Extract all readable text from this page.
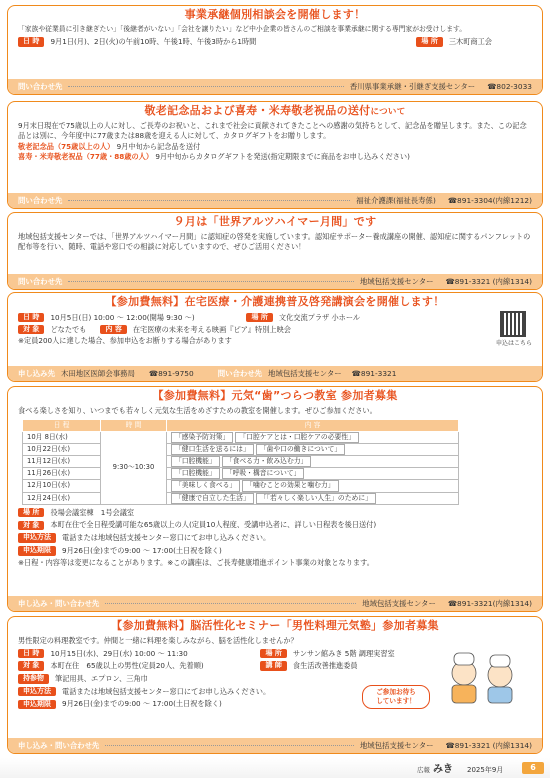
事業承継個別相談会を開催します！
「家族や従業員に引き継ぎたい」「後継者がいない」「会社を譲りたい」など中小企業の皆さんのご相談を事業承継に関する専門家がお受けします。
日 時	9月1日(月)、2日(火)の午前10時、午後1時、午後3時から1時間	場 所	三木町商工会
問い合わせ先	香川県事業承継・引継ぎ支援センター ☎802-3033
敬老記念品および喜寿・米寿敬老祝品の送付について
9月末日現在で75歳以上の人に対し、ご長寿のお祝いと、これまで社会に貢献されてきたことへの感謝の気持ちとして、記念品を贈呈します。また、この記念品とは別に、今年度中に77歳または88歳を迎える人に対して、カタログギフトをお贈りします。
敬老記念品（75歳以上の人） 9月中旬から記念品を送付
喜寿・米寿敬老祝品（77歳・88歳の人） 9月中旬からカタログギフトを発送(指定期限までに商品をお申し込みください)
問い合わせ先	福祉介護課(福祉長寿係) ☎891-3304(内線1212)
９月は「世界アルツハイマー月間」です
地域包括支援センターでは、「世界アルツハイマー月間」に認知症の啓発を実施しています。認知症サポーター養成講座の開催、認知症に関するパンフレットの配布等を行い、随時、電話や窓口での相談に対応していますので、ぜひご活用ください！
問い合わせ先	地域包括支援センター ☎891-3321 (内線1314)
【参加費無料】在宅医療・介護連携普及啓発講演会を開催します！
日 時	10月5日(日) 10:00 ～ 12:00(開場 9:30 ～)	場 所	文化交流プラザ 小ホール
対 象	どなたでも	内 容	在宅医療の未来を考える映画『ピア』特別上映会
※定員200人に達した場合、参加申込をお断りする場合があります	申込はこちら
申し込み先 木田地区医師会事務局 ☎891-9750	問い合わせ先 地域包括支援センター ☎891-3321
【参加費無料】元気“歯”つらつ教室 参加者募集
食べる楽しさを知り、いつまでも若々しく元気な生活をめざすための教室を開催します。ぜひご参加ください。
日 程	時 間	内 容
10月 8日(水)	9:30〜10:30	「感染予防対策」 「口腔ケアとは・口腔ケアの必要性」
10月22日(水)		「健口生活を送るには」 「歯や口の働きについて」
11月12日(水)		「口腔機能」 「食べる力・飲み込む力」
11月26日(水)		「口腔機能」 「呼吸・構音について」
12月10日(水)		「美味しく食べる」 「噛むことの効果と噛む力」
12月24日(水)		「健康で自立した生活」 「「若々しく楽しい人生」のために」
場 所	役場会議室棟　1号会議室
対 象	本町在住で全日程受講可能な65歳以上の人(定員10人程度、受講申込者に、詳しい日程表を後日送付)
申込方法	電話または地域包括支援センター窓口にてお申し込みください。
申込期限	9月26日(金)までの9:00 ～ 17:00(土日祝を除く)
※日程・内容等は変更になることがあります。※この講座は、ご長寿健康増進ポイント事業の対象となります。
申し込み・問い合わせ先	地域包括支援センター ☎891-3321(内線1314)
【参加費無料】脳活性化セミナー「男性料理元気塾」参加者募集
男性限定の料理教室です。仲間と一緒に料理を楽しみながら、脳を活性化しませんか？
日 時	10月15日(水)、29日(水) 10:00 ～ 11:30	場 所	サンサン館みき 5階 調理実習室
対 象	本町在住　65歳以上の男性(定員20人、先着順)	講 師	食生活改善推進委員
持参物	筆記用具、エプロン、三角巾
申込方法	電話または地域包括支援センター窓口にてお申し込みください。
申込期限	9月26日(金)までの9:00 ～ 17:00(土日祝を除く)
ご参加お待ち
しています！
申し込み・問い合わせ先	地域包括支援センター ☎891-3321 (内線1314)
広報 みき 2025年9月	6
